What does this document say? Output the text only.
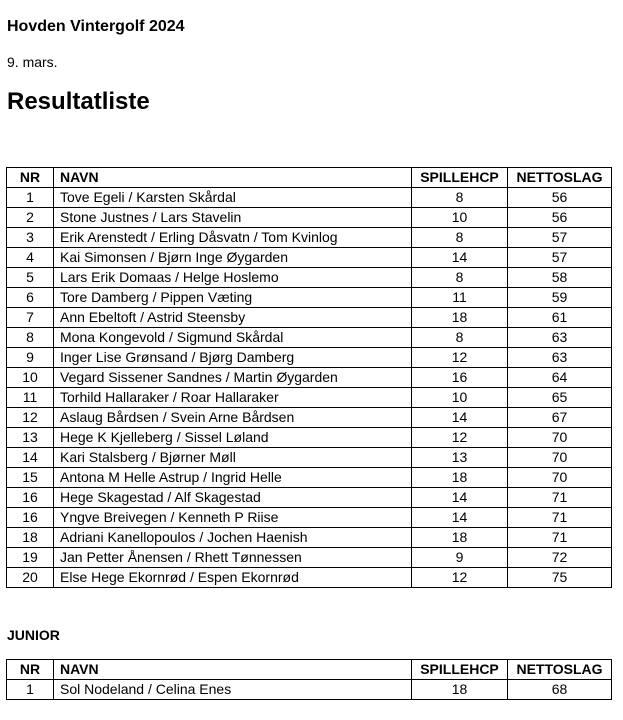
Hovden Vintergolf 2024

9. mars.

Resultatliste
NR	NAVN	SPILLEHCP	NETTOSLAG
1	Tove Egeli / Karsten Skårdal	8	56
2	Stone Justnes / Lars Stavelin	10	56
3	Erik Arenstedt / Erling Dåsvatn / Tom Kvinlog	8	57
4	Kai Simonsen / Bjørn Inge Øygarden	14	57
5	Lars Erik Domaas / Helge Hoslemo	8	58
6	Tore Damberg / Pippen Væting	11	59
7	Ann Ebeltoft / Astrid Steensby	18	61
8	Mona Kongevold / Sigmund Skårdal	8	63
9	Inger Lise Grønsand / Bjørg Damberg	12	63
10	Vegard Sissener Sandnes / Martin Øygarden	16	64
11	Torhild Hallaraker / Roar Hallaraker	10	65
12	Aslaug Bårdsen / Svein Arne Bårdsen	14	67
13	Hege K Kjelleberg / Sissel Løland	12	70
14	Kari Stalsberg / Bjørner Møll	13	70
15	Antona M Helle Astrup / Ingrid Helle	18	70
16	Hege Skagestad / Alf Skagestad	14	71
16	Yngve Breivegen / Kenneth P Riise	14	71
18	Adriani Kanellopoulos / Jochen Haenish	18	71
19	Jan Petter Ånensen / Rhett Tønnessen	9	72
20	Else Hege Ekornrød / Espen Ekornrød	12	75

JUNIOR

NR	NAVN	SPILLEHCP	NETTOSLAG
1	Sol Nodeland / Celina Enes	18	68
